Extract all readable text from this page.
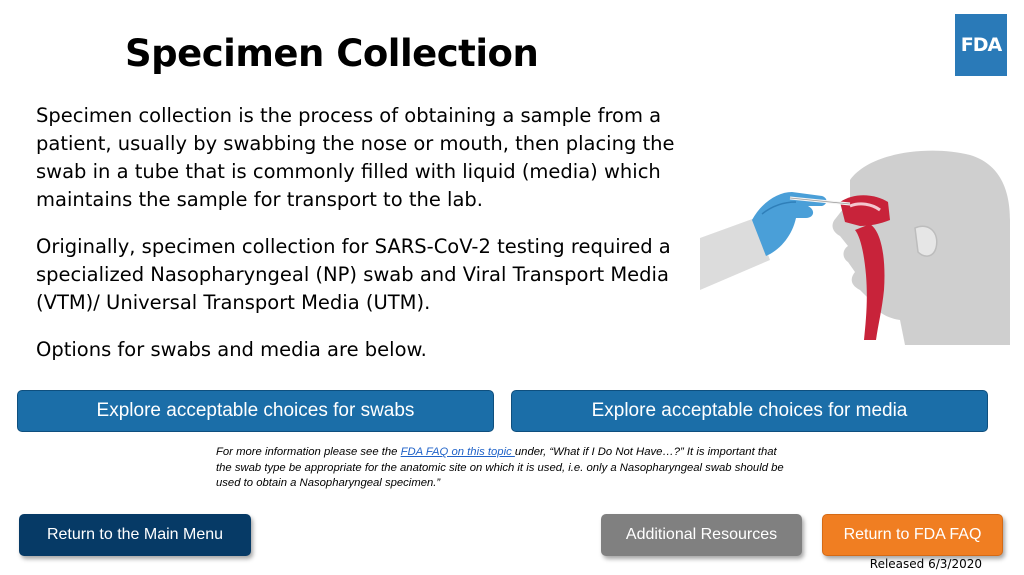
Specimen Collection	FDA

Specimen collection is the process of obtaining a sample from a patient, usually by swabbing the nose or mouth, then placing the swab in a tube that is commonly filled with liquid (media) which maintains the sample for transport to the lab.

Originally, specimen collection for SARS-CoV-2 testing required a specialized Nasopharyngeal (NP) swab and Viral Transport Media (VTM)/ Universal Transport Media (UTM).

Options for swabs and media are below.

Explore acceptable choices for swabs	Explore acceptable choices for media
For more information please see the FDA FAQ on this topic under, “What if I Do Not Have…?” It is important that the swab type be appropriate for the anatomic site on which it is used, i.e. only a Nasopharyngeal swab should be used to obtain a Nasopharyngeal specimen.”
Return to the Main Menu	Additional Resources	Return to FDA FAQ
Released 6/3/2020
